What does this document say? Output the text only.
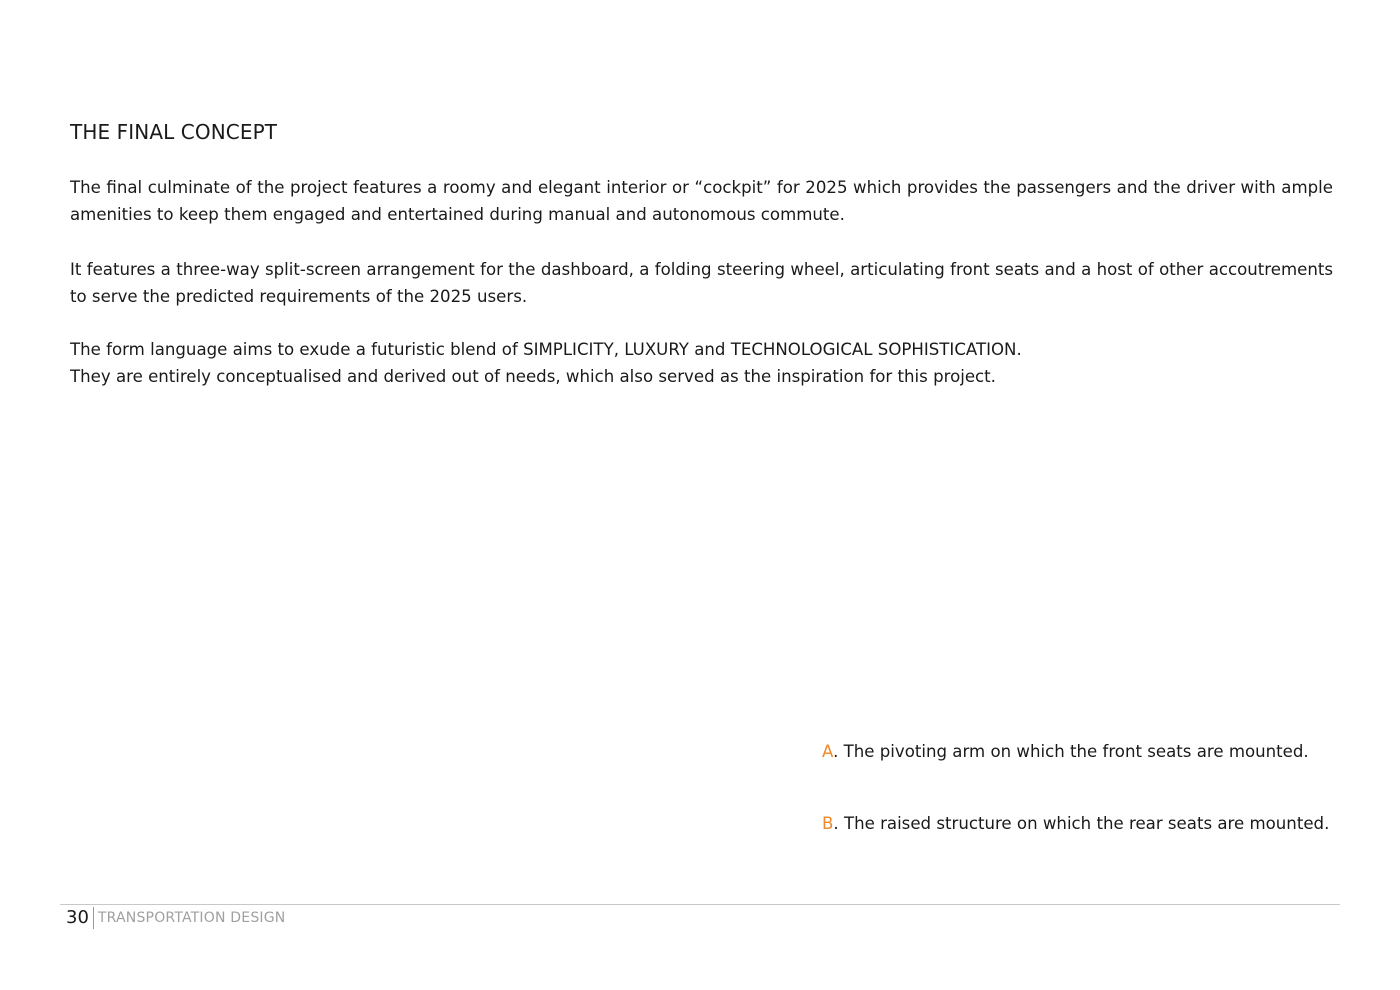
THE FINAL CONCEPT

The final culminate of the project features a roomy and elegant interior or “cockpit” for 2025 which provides the passengers and the driver with ample amenities to keep them engaged and entertained during manual and autonomous commute.

It features a three-way split-screen arrangement for the dashboard, a folding steering wheel, articulating front seats and a host of other accoutrements to serve the predicted requirements of the 2025 users.

The form language aims to exude a futuristic blend of SIMPLICITY, LUXURY and TECHNOLOGICAL SOPHISTICATION.
They are entirely conceptualised and derived out of needs, which also served as the inspiration for this project.

A. The pivoting arm on which the front seats are mounted.

B. The raised structure on which the rear seats are mounted.

30 TRANSPORTATION DESIGN
